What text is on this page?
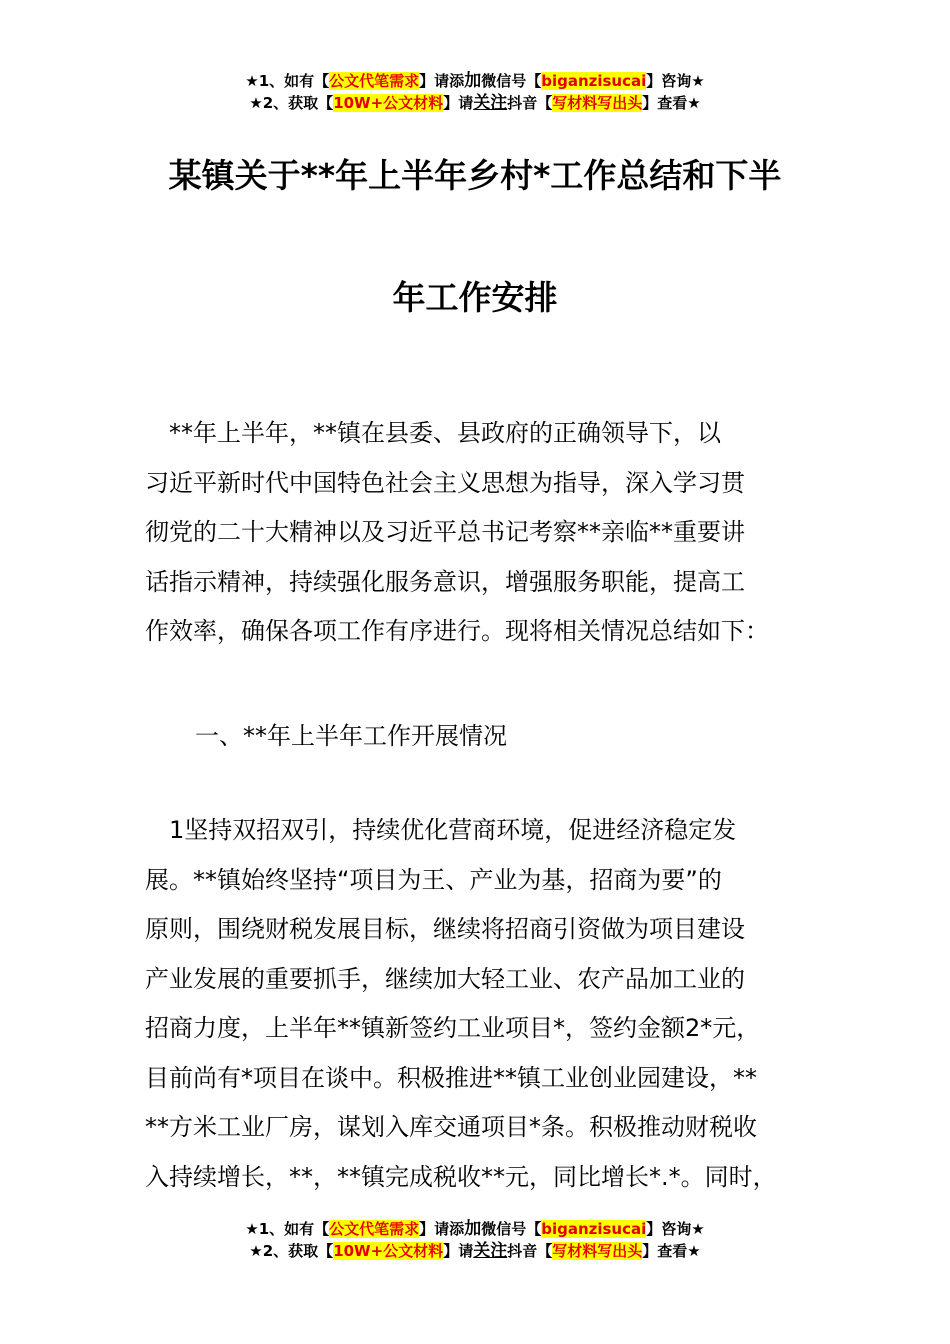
★1、如有【公文代笔需求】请添加微信号【biganzisucai】咨询★
★2、获取【10W+公文材料】请关注抖音【写材料写出头】查看★
某镇关于**年上半年乡村*工作总结和下半
年工作安排
　**年上半年，**镇在县委、县政府的正确领导下，以
习近平新时代中国特色社会主义思想为指导，深入学习贯
彻党的二十大精神以及习近平总书记考察**亲临**重要讲
话指示精神，持续强化服务意识，增强服务职能，提高工
作效率，确保各项工作有序进行。现将相关情况总结如下：
一、**年上半年工作开展情况
　1坚持双招双引，持续优化营商环境，促进经济稳定发
展。**镇始终坚持“项目为王、产业为基，招商为要”的
原则，围绕财税发展目标，继续将招商引资做为项目建设
产业发展的重要抓手，继续加大轻工业、农产品加工业的
招商力度，上半年**镇新签约工业项目*，签约金额2*元，
目前尚有*项目在谈中。积极推进**镇工业创业园建设，**
**方米工业厂房，谋划入库交通项目*条。积极推动财税收
入持续增长，**，**镇完成税收**元，同比增长*.*。同时，
★1、如有【公文代笔需求】请添加微信号【biganzisucai】咨询★
★2、获取【10W+公文材料】请关注抖音【写材料写出头】查看★
